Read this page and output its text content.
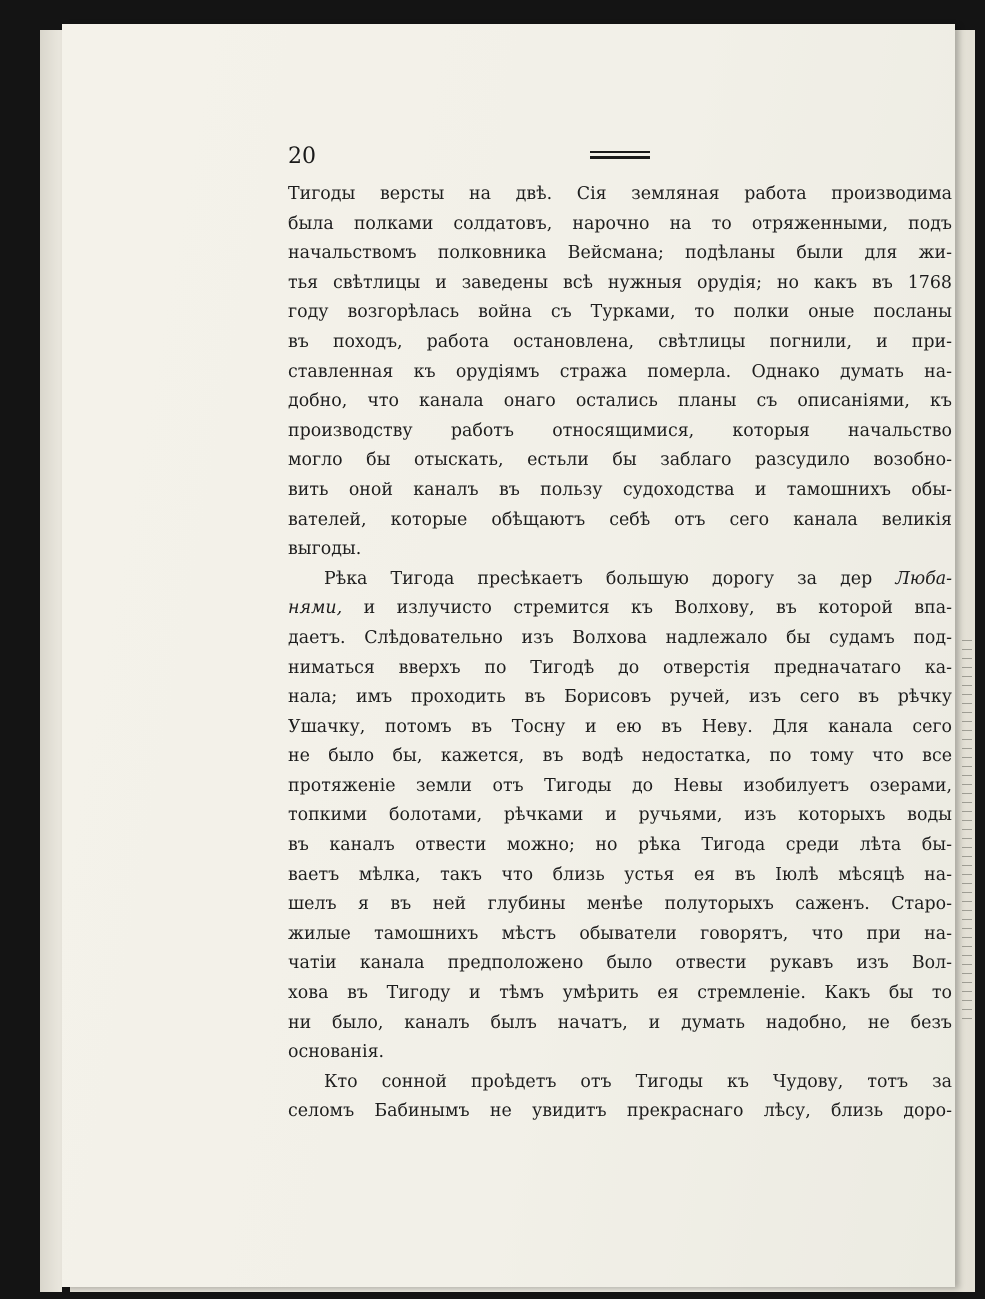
20
Тигоды версты на двѣ. Сія земляная работа производима
была полками солдатовъ, нарочно на то отряженными, подъ
начальствомъ полковника Вейсмана; подѣланы были для жи-
тья свѣтлицы и заведены всѣ нужныя орудія; но какъ въ 1768
году возгорѣлась война съ Турками, то полки оные посланы
въ походъ, работа остановлена, свѣтлицы погнили, и при-
ставленная къ орудіямъ стража померла. Однако думать на-
добно, что канала онаго остались планы съ описаніями, къ
производству работъ относящимися, которыя начальство
могло бы отыскать, естьли бы заблаго разсудило возобно-
вить оной каналъ въ пользу судоходства и тамошнихъ обы-
вателей, которые обѣщаютъ себѣ отъ сего канала великія
выгоды.
Рѣка Тигода пресѣкаетъ большую дорогу за дер Люба-
нями, и излучисто стремится къ Волхову, въ которой впа-
даетъ. Слѣдовательно изъ Волхова надлежало бы судамъ под-
ниматься вверхъ по Тигодѣ до отверстія предначатаго ка-
нала; имъ проходить въ Борисовъ ручей, изъ сего въ рѣчку
Ушачку, потомъ въ Тосну и ею въ Неву. Для канала сего
не было бы, кажется, въ водѣ недостатка, по тому что все
протяженіе земли отъ Тигоды до Невы изобилуетъ озерами,
топкими болотами, рѣчками и ручьями, изъ которыхъ воды
въ каналъ отвести можно; но рѣка Тигода среди лѣта бы-
ваетъ мѣлка, такъ что близь устья ея въ Іюлѣ мѣсяцѣ на-
шелъ я въ ней глубины менѣе полуторыхъ саженъ. Старо-
жилые тамошнихъ мѣстъ обыватели говорятъ, что при на-
чатіи канала предположено было отвести рукавъ изъ Вол-
хова въ Тигоду и тѣмъ умѣрить ея стремленіе. Какъ бы то
ни было, каналъ былъ начатъ, и думать надобно, не безъ
основанія.
Кто сонной проѣдетъ отъ Тигоды къ Чудову, тотъ за
селомъ Бабинымъ не увидитъ прекраснаго лѣсу, близь доро-
